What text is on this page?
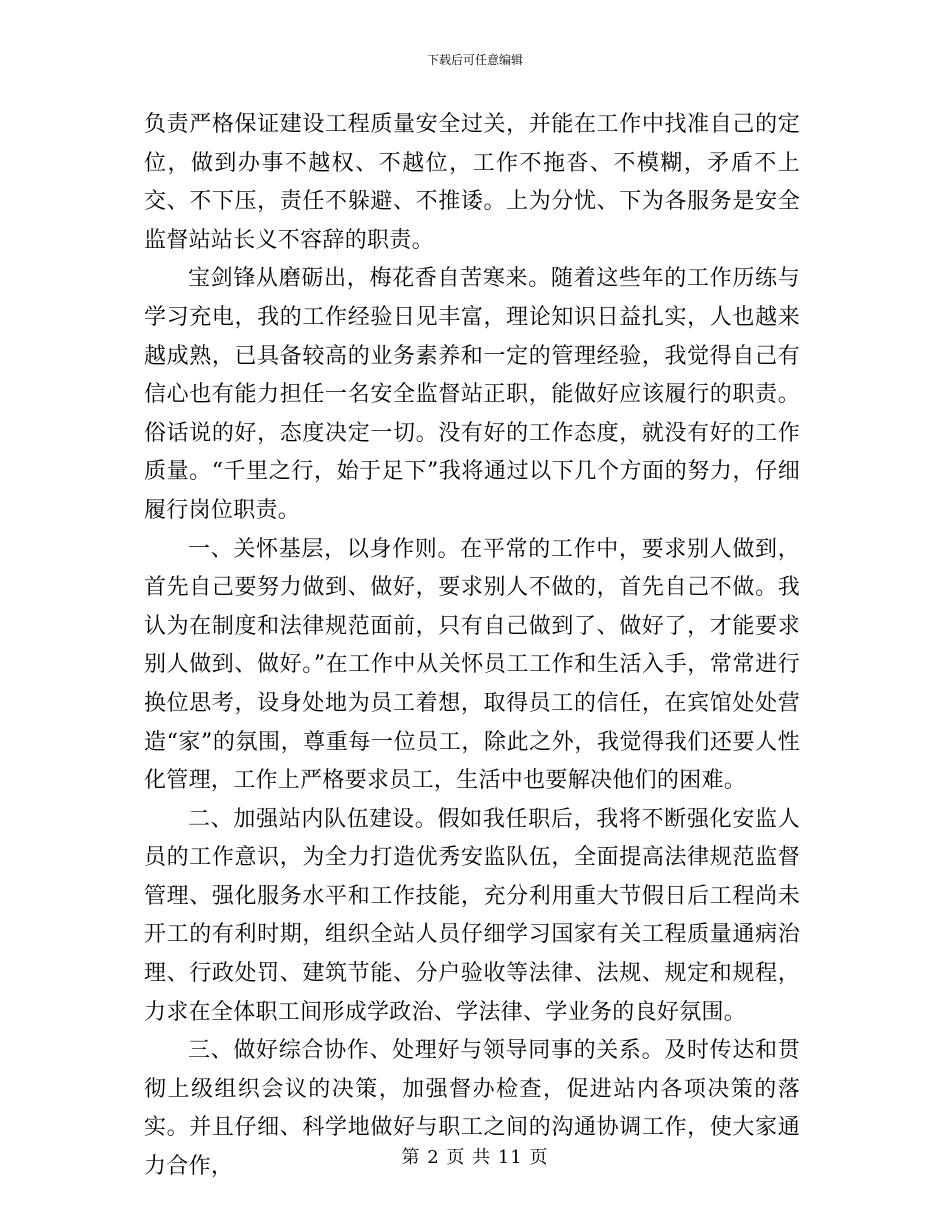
下载后可任意编辑

负责严格保证建设工程质量安全过关，并能在工作中找准自己的定位，做到办事不越权、不越位，工作不拖沓、不模糊，矛盾不上交、不下压，责任不躲避、不推诿。上为分忧、下为各服务是安全监督站站长义不容辞的职责。

宝剑锋从磨砺出，梅花香自苦寒来。随着这些年的工作历练与学习充电，我的工作经验日见丰富，理论知识日益扎实，人也越来越成熟，已具备较高的业务素养和一定的管理经验，我觉得自己有信心也有能力担任一名安全监督站正职，能做好应该履行的职责。俗话说的好，态度决定一切。没有好的工作态度，就没有好的工作质量。“千里之行，始于足下”我将通过以下几个方面的努力，仔细履行岗位职责。

一、关怀基层，以身作则。在平常的工作中，要求别人做到，首先自己要努力做到、做好，要求别人不做的，首先自己不做。我认为在制度和法律规范面前，只有自己做到了、做好了，才能要求别人做到、做好。”在工作中从关怀员工工作和生活入手，常常进行换位思考，设身处地为员工着想，取得员工的信任，在宾馆处处营造“家”的氛围，尊重每一位员工，除此之外，我觉得我们还要人性化管理，工作上严格要求员工，生活中也要解决他们的困难。

二、加强站内队伍建设。假如我任职后，我将不断强化安监人员的工作意识，为全力打造优秀安监队伍，全面提高法律规范监督管理、强化服务水平和工作技能，充分利用重大节假日后工程尚未开工的有利时期，组织全站人员仔细学习国家有关工程质量通病治理、行政处罚、建筑节能、分户验收等法律、法规、规定和规程，力求在全体职工间形成学政治、学法律、学业务的良好氛围。

三、做好综合协作、处理好与领导同事的关系。及时传达和贯彻上级组织会议的决策，加强督办检查，促进站内各项决策的落实。并且仔细、科学地做好与职工之间的沟通协调工作，使大家通力合作，	第 2 页 共 11 页
